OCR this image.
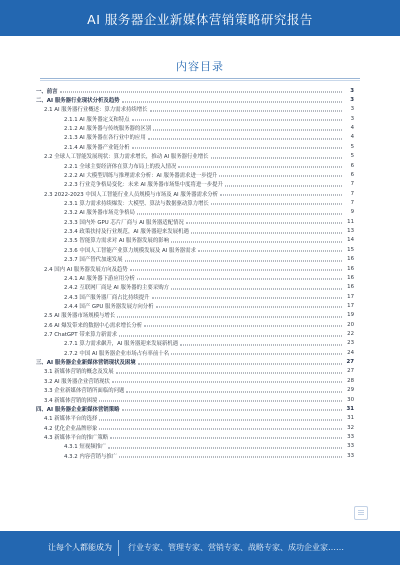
AI 服务器企业新媒体营销策略研究报告
内容目录
一、前言	3
二、AI 服务器行业现状分析及趋势	3
2.1 AI 服务器行业概述：算力需求持续增长	3
2.1.1 AI 服务器定义和特点	3
2.1.2 AI 服务器与传统服务器的区别	4
2.1.3 AI 服务器在各行业中的应用	4
2.1.4 AI 服务器产业链分析	5
2.2 全球人工智能发展现状：算力需求增长，推动 AI 服务器行业增长	5
2.2.1 全球主要经济体在算力布局上的投入情况	6
2.2.2 AI 大模型训练与推理需求分析：AI 服务器需求进一步提升	6
2.2.3 行业竞争格局变化：未来 AI 服务器市场集中度将进一步提升	7
2.3 2022-2023 中国人工智能行业人员规模与市场及 AI 服务器需求分析	7
2.3.1 算力需求持续爆发：大模型、算法与数据驱动算力增长	7
2.3.2 AI 服务器市场竞争格局	9
2.3.3 国内外 GPU 芯片厂商与 AI 服务器适配情况	11
2.3.4 政策扶持及行业规范，AI 服务器迎来发展机遇	13
2.3.5 智能算力需求对 AI 服务器发展的影响	14
2.3.6 中国人工智能产业算力规模发展及 AI 服务器需求	15
2.3.7 国产替代加速发展	16
2.4 国内 AI 服务器发展方向及趋势	16
2.4.1 AI 服务器下游应用分析	16
2.4.2 互联网厂商是 AI 服务器的主要采购方	16
2.4.3 国产服务器厂商占比持续提升	17
2.4.4 国产 GPU 服务器发展方向分析	17
2.5 AI 服务器市场规模与增长	19
2.6 AI 爆发带来的数据中心需求增长分析	20
2.7 ChatGPT 带来算力新需求	22
2.7.1 算力需求飙升，AI 服务器迎来发展新机遇	23
2.7.2 中国 AI 服务器企业市场占有率前十名	24
三、AI 服务器企业新媒体营销现状及困境	27
3.1 新媒体营销的概念及发展	27
3.2 AI 服务器企业营销现状	28
3.3 企业新媒体营销所面临的问题	29
3.4 新媒体营销的困境	30
四、AI 服务器企业新媒体营销策略	31
4.1 新媒体平台的选择	31
4.2 优化企业品牌形象	32
4.3 新媒体平台的推广策略	33
4.3.1 短视频推广	33
4.3.2 内容营销与推广	33
让每个人都能成为 行业专家、管理专家、营销专家、战略专家、成功企业家……
